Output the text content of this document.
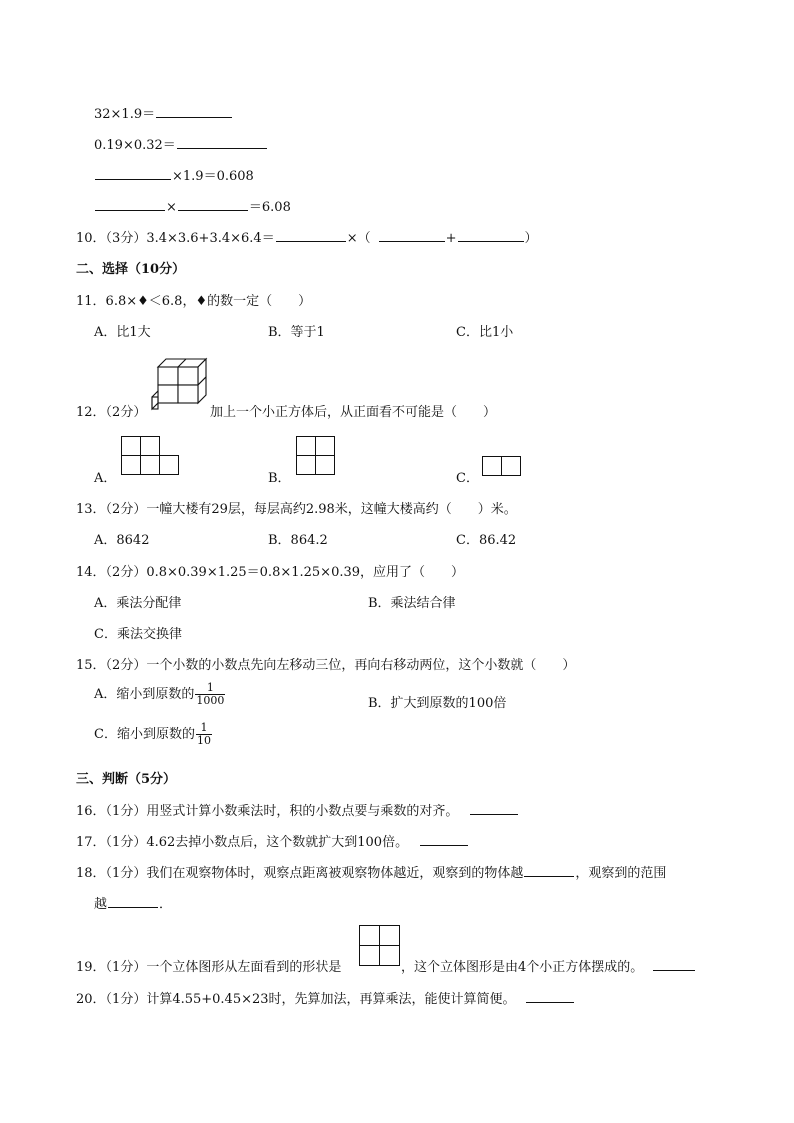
32×1.9＝
0.19×0.32＝
×1.9＝0.608
×	＝6.08
10．（3分）3.4×3.6+3.4×6.4＝	×（	+	）
二、选择（10分）
11．6.8×♦＜6.8，♦的数一定（　　）
A．比1大	B．等于1	C．比1小
12．（2分）	加上一个小正方体后，从正面看不可能是（　　）
A．	B．	C．
13．（2分）一幢大楼有29层，每层高约2.98米，这幢大楼高约（　　）米。
A．8642	B．864.2	C．86.42
14．（2分）0.8×0.39×1.25＝0.8×1.25×0.39，应用了（　　）
A．乘法分配律	B．乘法结合律
C．乘法交换律
15．（2分）一个小数的小数点先向左移动三位，再向右移动两位，这个小数就（　　）
A．缩小到原数的 $\frac{1}{1000}$	B．扩大到原数的100倍
C．缩小到原数的 $\frac{1}{10}$
三、判断（5分）
16．（1分）用竖式计算小数乘法时，积的小数点要与乘数的对齐。
17．（1分）4.62去掉小数点后，这个数就扩大到100倍。
18．（1分）我们在观察物体时，观察点距离被观察物体越近，观察到的物体越	，观察到的范围
越	．
19．（1分）一个立体图形从左面看到的形状是	，这个立体图形是由4个小正方体摆成的。
20．（1分）计算4.55+0.45×23时，先算加法，再算乘法，能使计算简便。
